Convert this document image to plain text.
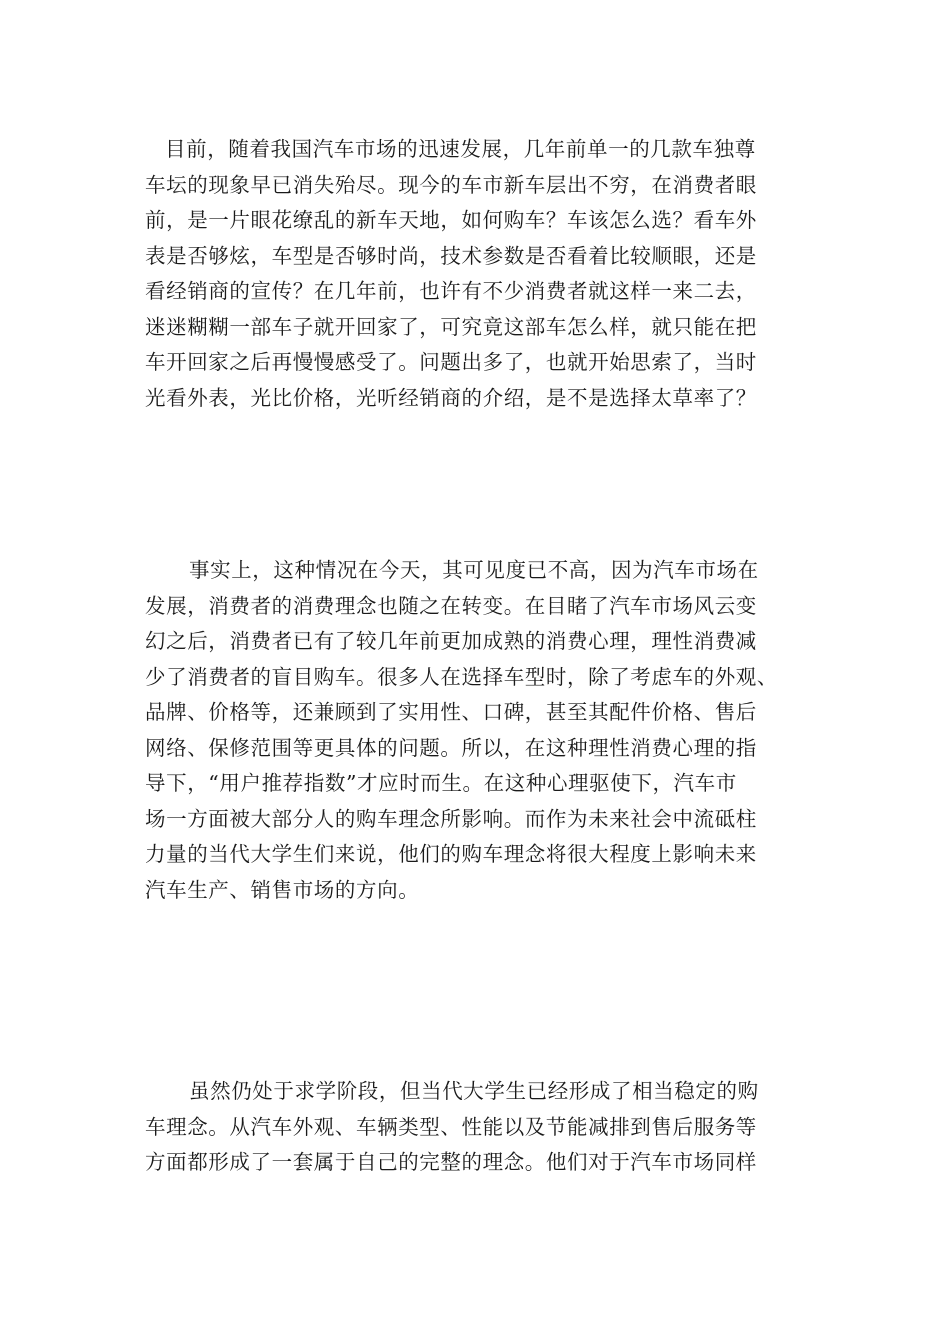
目前，随着我国汽车市场的迅速发展，几年前单一的几款车独尊
车坛的现象早已消失殆尽。现今的车市新车层出不穷，在消费者眼
前，是一片眼花缭乱的新车天地，如何购车？车该怎么选？看车外
表是否够炫，车型是否够时尚，技术参数是否看着比较顺眼，还是
看经销商的宣传？在几年前，也许有不少消费者就这样一来二去，
迷迷糊糊一部车子就开回家了，可究竟这部车怎么样，就只能在把
车开回家之后再慢慢感受了。问题出多了，也就开始思索了，当时
光看外表，光比价格，光听经销商的介绍，是不是选择太草率了？

事实上，这种情况在今天，其可见度已不高，因为汽车市场在
发展，消费者的消费理念也随之在转变。在目睹了汽车市场风云变
幻之后，消费者已有了较几年前更加成熟的消费心理，理性消费减
少了消费者的盲目购车。很多人在选择车型时，除了考虑车的外观、
品牌、价格等，还兼顾到了实用性、口碑，甚至其配件价格、售后
网络、保修范围等更具体的问题。所以，在这种理性消费心理的指
导下，“用户推荐指数”才应时而生。在这种心理驱使下，汽车市
场一方面被大部分人的购车理念所影响。而作为未来社会中流砥柱
力量的当代大学生们来说，他们的购车理念将很大程度上影响未来
汽车生产、销售市场的方向。

虽然仍处于求学阶段，但当代大学生已经形成了相当稳定的购
车理念。从汽车外观、车辆类型、性能以及节能减排到售后服务等
方面都形成了一套属于自己的完整的理念。他们对于汽车市场同样
